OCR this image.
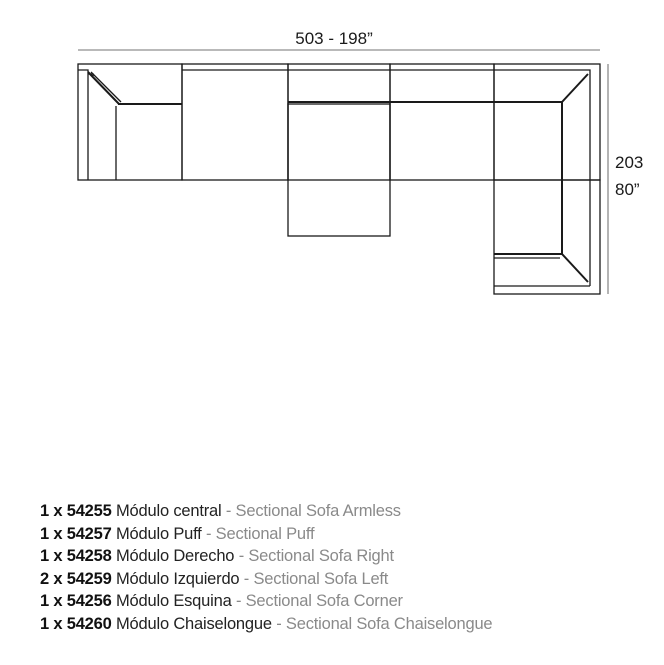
503 - 198”
203
80”
1 x 54255 Módulo central - Sectional Sofa Armless
1 x 54257 Módulo Puff - Sectional Puff
1 x 54258 Módulo Derecho - Sectional Sofa Right
2 x 54259 Módulo Izquierdo - Sectional Sofa Left
1 x 54256 Módulo Esquina - Sectional Sofa Corner
1 x 54260 Módulo Chaiselongue - Sectional Sofa Chaiselongue
